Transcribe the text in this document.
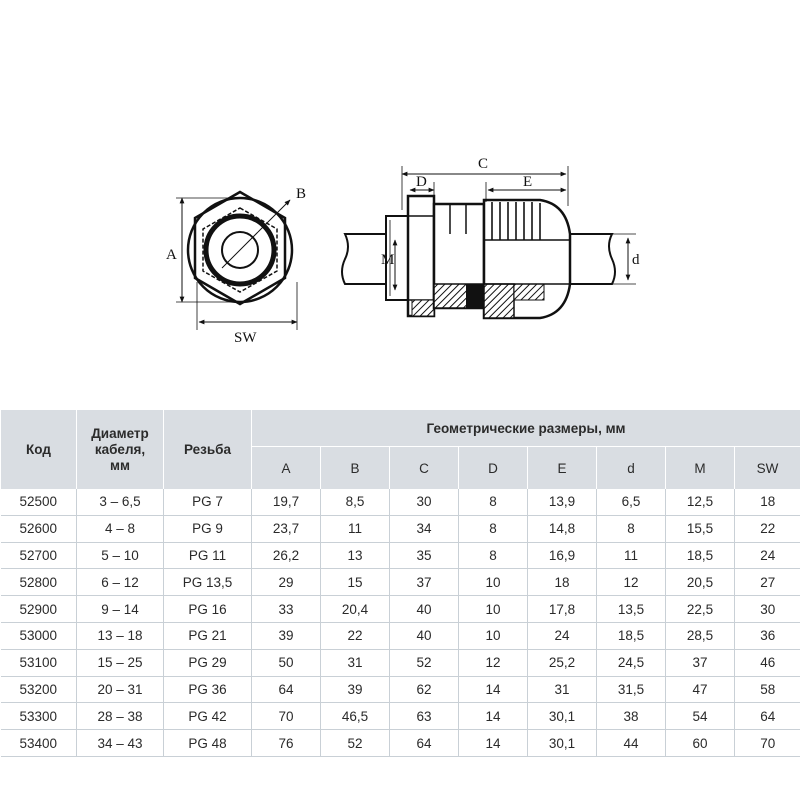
A
B
SW
C
D	E
M	d
Код	Диаметр
кабеля,
мм	Резьба	Геометрические размеры, мм							
			A	B	C	D	E	d	M	SW
52500	3 – 6,5	PG 7	19,7	8,5	30	8	13,9	6,5	12,5	18
52600	4 – 8	PG 9	23,7	11	34	8	14,8	8	15,5	22
52700	5 – 10	PG 11	26,2	13	35	8	16,9	11	18,5	24
52800	6 – 12	PG 13,5	29	15	37	10	18	12	20,5	27
52900	9 – 14	PG 16	33	20,4	40	10	17,8	13,5	22,5	30
53000	13 – 18	PG 21	39	22	40	10	24	18,5	28,5	36
53100	15 – 25	PG 29	50	31	52	12	25,2	24,5	37	46
53200	20 – 31	PG 36	64	39	62	14	31	31,5	47	58
53300	28 – 38	PG 42	70	46,5	63	14	30,1	38	54	64
53400	34 – 43	PG 48	76	52	64	14	30,1	44	60	70
